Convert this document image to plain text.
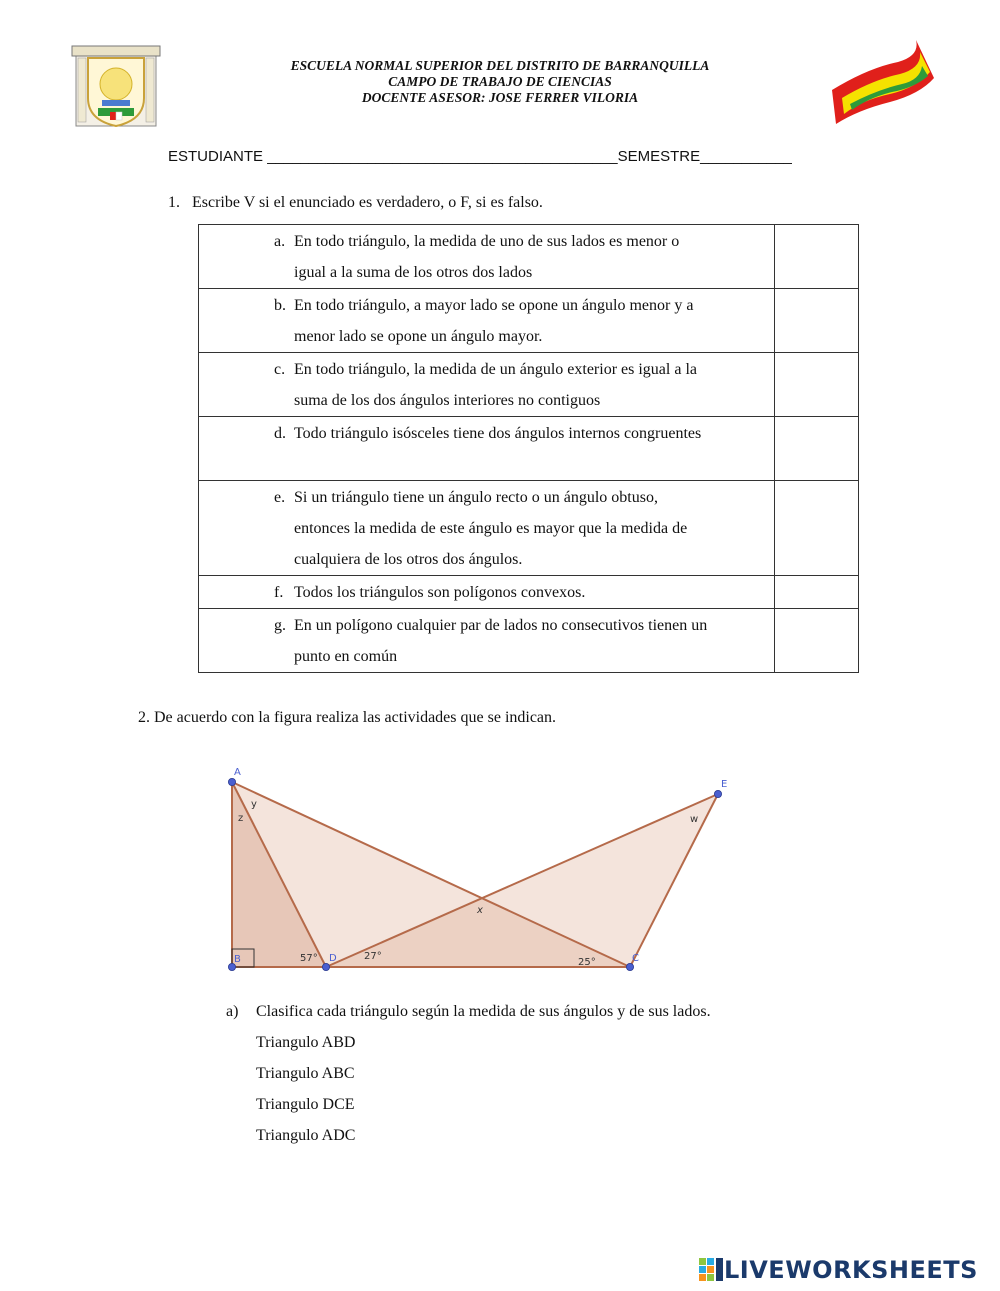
ESCUELA NORMAL SUPERIOR DEL DISTRITO DE BARRANQUILLA
CAMPO DE TRABAJO DE CIENCIAS
DOCENTE ASESOR: JOSE FERRER VILORIA
ESTUDIANTE __________________________________________SEMESTRE___________
1.   Escribe V si el enunciado es verdadero, o F, si es falso.
a. En todo triángulo, la medida de uno de sus lados es menor o
igual a la suma de los otros dos lados	

b. En todo triángulo, a mayor lado se opone un ángulo menor y a
menor lado se opone un ángulo mayor.	

c. En todo triángulo, la medida de un ángulo exterior es igual a la
suma de los dos ángulos interiores no contiguos	

d. Todo triángulo isósceles tiene dos ángulos internos congruentes	

e. Si un triángulo tiene un ángulo recto o un ángulo obtuso,
entonces la medida de este ángulo es mayor que la medida de
cualquiera de los otros dos ángulos.	

f. Todos los triángulos son polígonos convexos.	

g. En un polígono cualquier par de lados no consecutivos tienen un
punto en común	

2. De acuerdo con la figura realiza las actividades que se indican.
A
B	D	C
E
y
z	w
x
57°	27°
25°
a)	Clasifica cada triángulo según la medida de sus ángulos y de sus lados.
Triangulo ABD
Triangulo ABC
Triangulo DCE
Triangulo ADC
LIVEWORKSHEETS
